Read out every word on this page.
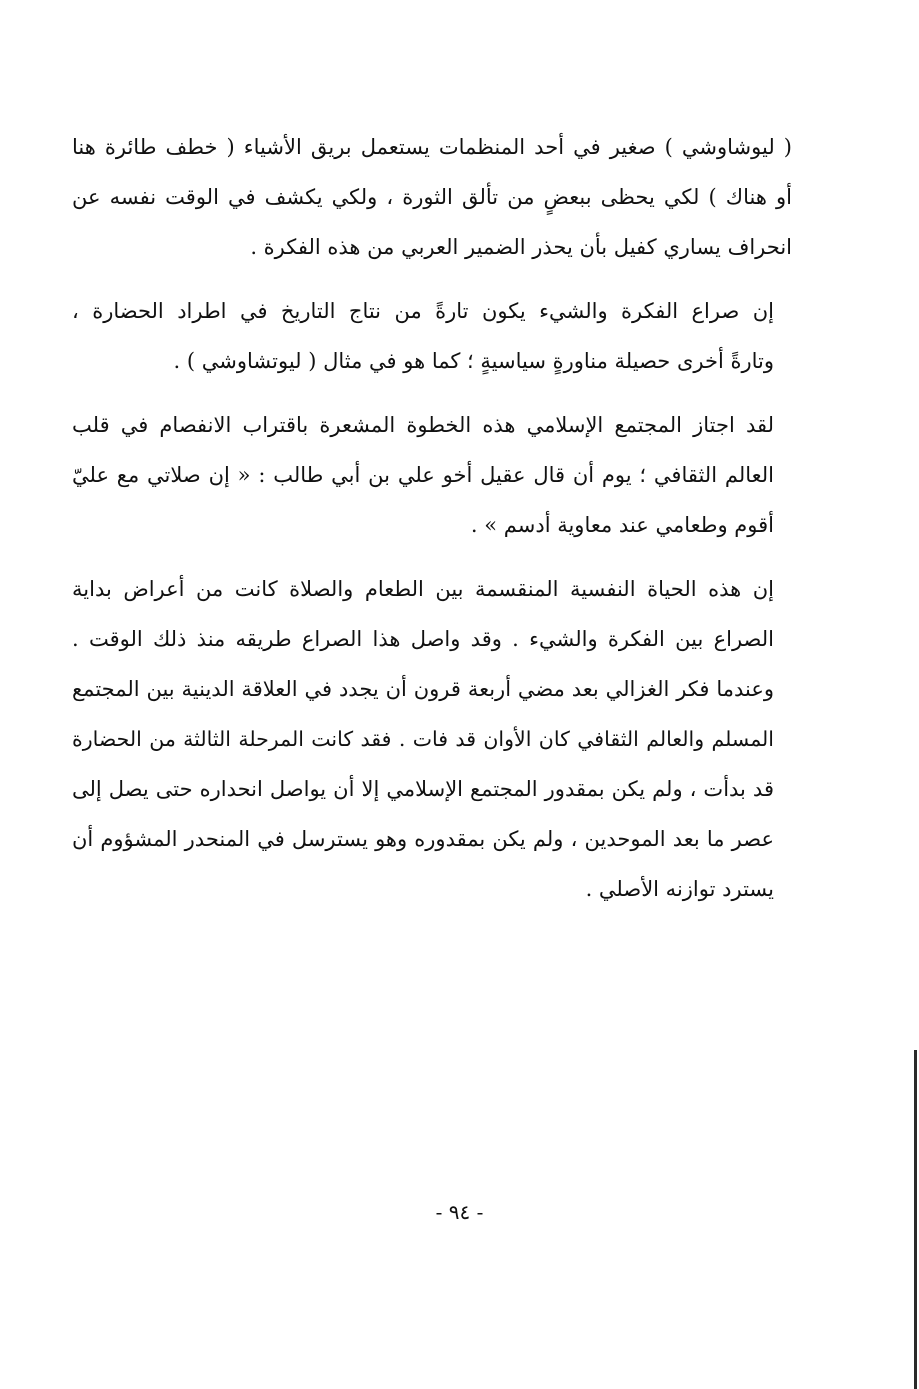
( ليوشاوشي ) صغير في أحد المنظمات يستعمل بريق الأشياء ( خطف طائرة هنا
أو هناك ) لكي يحظى ببعضٍ من تألق الثورة ، ولكي يكشف في الوقت نفسه عن
انحراف يساري كفيل بأن يحذر الضمير العربي من هذه الفكرة .

إن صراع الفكرة والشيء يكون تارةً من نتاج التاريخ في اطراد الحضارة ،
وتارةً أخرى حصيلة مناورةٍ سياسيةٍ ؛ كما هو في مثال ( ليوتشاوشي ) .

لقد اجتاز المجتمع الإسلامي هذه الخطوة المشعرة باقتراب الانفصام في قلب
العالم الثقافي ؛ يوم أن قال عقيل أخو علي بن أبي طالب : « إن صلاتي مع عليّ
أقوم وطعامي عند معاوية أدسم » .

إن هذه الحياة النفسية المنقسمة بين الطعام والصلاة كانت من أعراض بداية
الصراع بين الفكرة والشيء . وقد واصل هذا الصراع طريقه منذ ذلك الوقت .
وعندما فكر الغزالي بعد مضي أربعة قرون أن يجدد في العلاقة الدينية بين المجتمع
المسلم والعالم الثقافي كان الأوان قد فات . فقد كانت المرحلة الثالثة من الحضارة
قد بدأت ، ولم يكن بمقدور المجتمع الإسلامي إلا أن يواصل انحداره حتى يصل إلى
عصر ما بعد الموحدين ، ولم يكن بمقدوره وهو يسترسل في المنحدر المشؤوم أن
يسترد توازنه الأصلي .

- ٩٤ -
